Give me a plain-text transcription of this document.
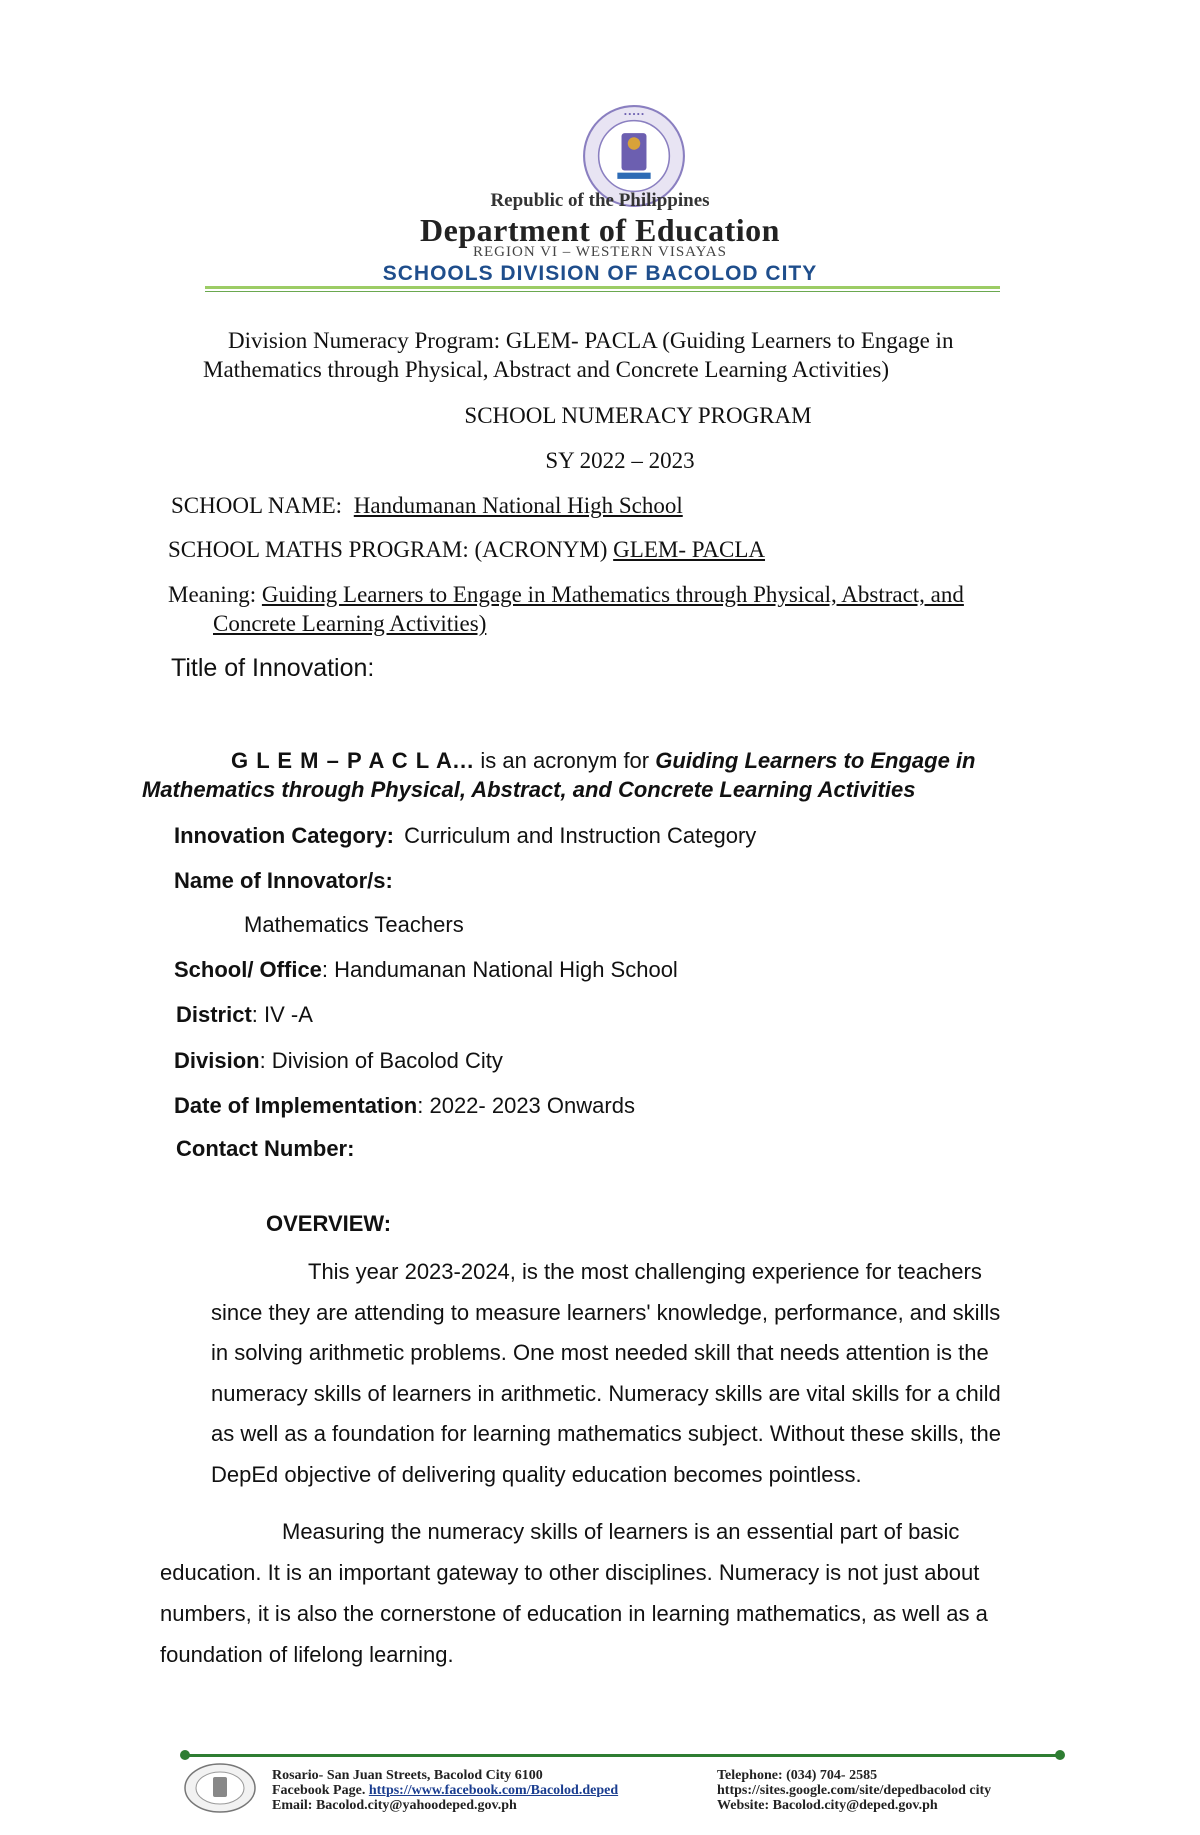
•••••
Republic of the Philippines
Department of Education
REGION VI – WESTERN VISAYAS
SCHOOLS DIVISION OF BACOLOD CITY
Division Numeracy Program: GLEM- PACLA (Guiding Learners to Engage in
Mathematics through Physical, Abstract and Concrete Learning Activities)
SCHOOL NUMERACY PROGRAM
SY 2022 – 2023
SCHOOL NAME: Handumanan National High School
SCHOOL MATHS PROGRAM: (ACRONYM) GLEM- PACLA
Meaning: Guiding Learners to Engage in Mathematics through Physical, Abstract, and
Concrete Learning Activities)
Title of Innovation:
G L E M – P A C L A... is an acronym for Guiding Learners to Engage in
Mathematics through Physical, Abstract, and Concrete Learning Activities
Innovation Category: Curriculum and Instruction Category
Name of Innovator/s:
Mathematics Teachers
School/ Office: Handumanan National High School
District: IV -A
Division: Division of Bacolod City
Date of Implementation: 2022- 2023 Onwards
Contact Number:
OVERVIEW:
This year 2023-2024, is the most challenging experience for teachers
since they are attending to measure learners' knowledge, performance, and skills
in solving arithmetic problems. One most needed skill that needs attention is the
numeracy skills of learners in arithmetic. Numeracy skills are vital skills for a child
as well as a foundation for learning mathematics subject. Without these skills, the
DepEd objective of delivering quality education becomes pointless.
Measuring the numeracy skills of learners is an essential part of basic
education. It is an important gateway to other disciplines. Numeracy is not just about
numbers, it is also the cornerstone of education in learning mathematics, as well as a
foundation of lifelong learning.
Rosario- San Juan Streets, Bacolod City 6100
Facebook Page. https://www.facebook.com/Bacolod.deped
Email: Bacolod.city@yahoodeped.gov.ph
Telephone: (034) 704- 2585
https://sites.google.com/site/depedbacolod city
Website: Bacolod.city@deped.gov.ph
